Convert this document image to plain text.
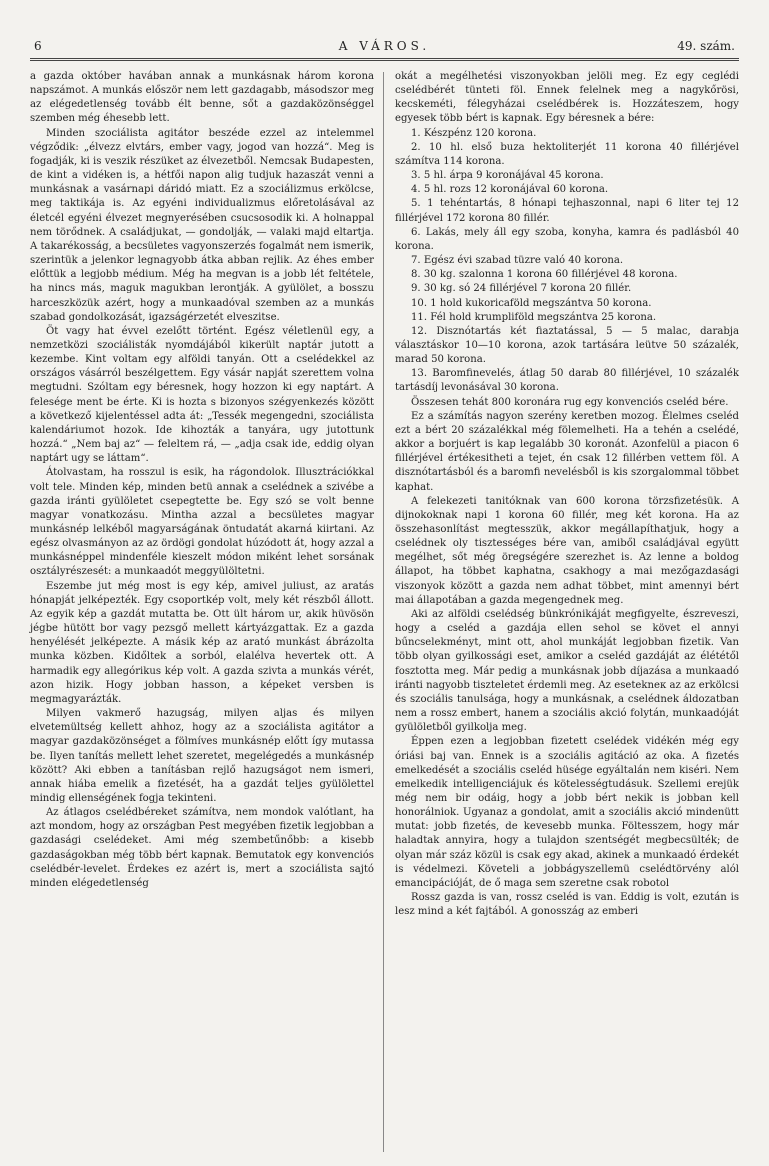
6	A VÁROS.	49. szám.

a gazda október havában annak a munkásnak három korona napszámot. A munkás először nem lett gazdagabb, másodszor meg az elégedetlenség tovább élt benne, sőt a gazdaközönséggel szemben még éhesebb lett.

Minden szociálista agitátor beszéde ezzel az intelemmel végződik: „élvezz elvtárs, ember vagy, jogod van hozzá“. Meg is fogadják, ki is veszik részüket az élvezetből. Nemcsak Budapesten, de kint a vidéken is, a hétfői napon alig tudjuk hazaszát venni a munkásnak a vasárnapi dáridó miatt. Ez a szociálizmus erkölcse, meg taktikája is. Az egyéni individualizmus előretolásával az életcél egyéni élvezet megnyerésében csucsosodik ki. A holnappal nem törődnek. A családjukat, — gondolják, — valaki majd eltartja. A takarékosság, a becsületes vagyonszerzés fogalmát nem ismerik, szerintük a jelenkor legnagyobb átka abban rejlik. Az éhes ember előttük a legjobb médium. Még ha megvan is a jobb lét feltétele, ha nincs más, maguk magukban lerontják. A gyülölet, a bosszu harceszközük azért, hogy a munkaadóval szemben az a munkás szabad gondolkozását, igazságérzetét elveszitse.

Öt vagy hat évvel ezelőtt történt. Egész véletlenül egy, a nemzetközi szociálisták nyomdájából kikerült naptár jutott a kezembe. Kint voltam egy alföldi tanyán. Ott a cselédekkel az országos vásárról beszélgettem. Egy vásár napját szerettem volna megtudni. Szóltam egy béresnek, hogy hozzon ki egy naptárt. A felesége ment be érte. Ki is hozta s bizonyos szégyenkezés között a következő kijelentéssel adta át: „Tessék megengedni, szociálista kalendáriumot hozok. Ide kihozták a tanyára, ugy jutottunk hozzá.“ „Nem baj az“ — feleltem rá, — „adja csak ide, eddig olyan naptárt ugy se láttam“.

Átolvastam, ha rosszul is esik, ha rágondolok. Illusztrációkkal volt tele. Minden kép, minden betü annak a cselédnek a szivébe a gazda iránti gyülöletet csepegtette be. Egy szó se volt benne magyar vonatkozásu. Mintha azzal a becsületes magyar munkásnép lelkéből magyarságának öntudatát akarná kiirtani. Az egész olvasmányon az az ördögi gondolat húzódott át, hogy azzal a munkásnéppel mindenféle kieszelt módon miként lehet sorsának osztályrészesét: a munkaadót meggyülöltetni.

Eszembe jut még most is egy kép, amivel juliust, az aratás hónapját jelképezték. Egy csoportkép volt, mely két részből állott. Az egyik kép a gazdát mutatta be. Ott ült három ur, akik hüvösön jégbe hütött bor vagy pezsgő mellett kártyázgattak. Ez a gazda henyélését jelképezte. A másik kép az arató munkást ábrázolta munka közben. Kidőltek a sorból, elalélva hevertek ott. A harmadik egy allegórikus kép volt. A gazda szivta a munkás vérét, azon hizik. Hogy jobban hasson, a képeket versben is megmagyarázták.

Milyen vakmerő hazugság, milyen aljas és milyen elvetemültség kellett ahhoz, hogy az a szociálista agitátor a magyar gazdaközönséget a fölmíves munkásnép előtt így mutassa be. Ilyen tanítás mellett lehet szeretet, megelégedés a munkásnép között? Aki ebben a tanításban rejlő hazugságot nem ismeri, annak hiába emelik a fizetését, ha a gazdát teljes gyülölettel mindig ellenségének fogja tekinteni.

Az átlagos cselédbéreket számítva, nem mondok valótlant, ha azt mondom, hogy az országban Pest megyében fizetik legjobban a gazdasági cselédeket. Ami még szembetűnőbb: a kisebb gazdaságokban még több bért kapnak. Bemutatok egy konvenciós cselédbér-levelet. Érdekes ez azért is, mert a szociálista sajtó minden elégedetlenség

okát a megélhetési viszonyokban jelöli meg. Ez egy ceglédi cselédbérét tünteti föl. Ennek felelnek meg a nagykőrösi, kecskeméti, félegyházai cselédbérek is. Hozzáteszem, hogy egyesek több bért is kapnak. Egy béresnek a bére:

1. Készpénz 120 korona.

2. 10 hl. első buza hektoliterjét 11 korona 40 fillérjével számítva 114 korona.

3. 5 hl. árpa 9 koronájával 45 korona.

4. 5 hl. rozs 12 koronájával 60 korona.

5. 1 tehéntartás, 8 hónapi tejhaszonnal, napi 6 liter tej 12 fillérjével 172 korona 80 fillér.

6. Lakás, mely áll egy szoba, konyha, kamra és padlásból 40 korona.

7. Egész évi szabad tüzre való 40 korona.

8. 30 kg. szalonna 1 korona 60 fillérjével 48 korona.

9. 30 kg. só 24 fillérjével 7 korona 20 fillér.

10. 1 hold kukoricaföld megszántva 50 korona.

11. Fél hold krumpliföld megszántva 25 korona.

12. Disznótartás két fiaztatással, 5 — 5 malac, darabja választáskor 10—10 korona, azok tartására leütve 50 százalék, marad 50 korona.

13. Baromfinevelés, átlag 50 darab 80 fillérjével, 10 százalék tartásdíj levonásával 30 korona.

Összesen tehát 800 koronára rug egy konvenciós cseléd bére.

Ez a számítás nagyon szerény keretben mozog. Élelmes cseléd ezt a bért 20 százalékkal még fölemelheti. Ha a tehén a cselédé, akkor a borjuért is kap legalább 30 koronát. Azonfelül a piacon 6 fillérjével értékesitheti a tejet, én csak 12 fillérben vettem föl. A disznótartásból és a baromfi nevelésből is kis szorgalommal többet kaphat.

A felekezeti tanitóknak van 600 korona törzsfizetésük. A dijnokoknak napi 1 korona 60 fillér, meg két korona. Ha az összehasonlítást megtesszük, akkor megállapíthatjuk, hogy a cselédnek oly tisztességes bére van, amiből családjával együtt megélhet, sőt még öregségére szerezhet is. Az lenne a boldog állapot, ha többet kaphatna, csakhogy a mai mezőgazdasági viszonyok között a gazda nem adhat többet, mint amennyi bért mai állapotában a gazda megengednek meg.

Aki az alföldi cselédség bünkrónikáját megfigyelte, észreveszi, hogy a cseléd a gazdája ellen sehol se követ el annyi bűncselekményt, mint ott, ahol munkáját legjobban fizetik. Van több olyan gyilkossági eset, amikor a cseléd gazdáját az élététől fosztotta meg. Már pedig a munkásnak jobb díjazása a munkaadó iránti nagyobb tiszteletet érdemli meg. Az esetekneк az az erkölcsi és szociális tanulsága, hogy a munkásnak, a cselédnek áldozatban nem a rossz embert, hanem a szociális akció folytán, munkaadóját gyülöletből gyilkolja meg.

Éppen ezen a legjobban fizetett cselédek vidékén még egy óriási baj van. Ennek is a szociális agitáció az oka. A fizetés emelkedését a szociális cseléd hüsége egyáltalán nem kiséri. Nem emelkedik intelligenciájuk és kötelességtudásuk. Szellemi erejük még nem bir odáig, hogy a jobb bért nekik is jobban kell honorálniok. Ugyanaz a gondolat, amit a szociális akció mindenütt mutat: jobb fizetés, de kevesebb munka. Föltesszem, hogy már haladtak annyira, hogy a tulajdon szentségét megbecsülték; de olyan már száz közül is csak egy akad, akinek a munkaadó érdekét is védelmezi. Követeli a jobbágyszellemü cselédtörvény alól emancipációját, de ő maga sem szeretne csak robotol

Rossz gazda is van, rossz cseléd is van. Eddig is volt, ezután is lesz mind a két fajtából. A gonosszág az emberi
